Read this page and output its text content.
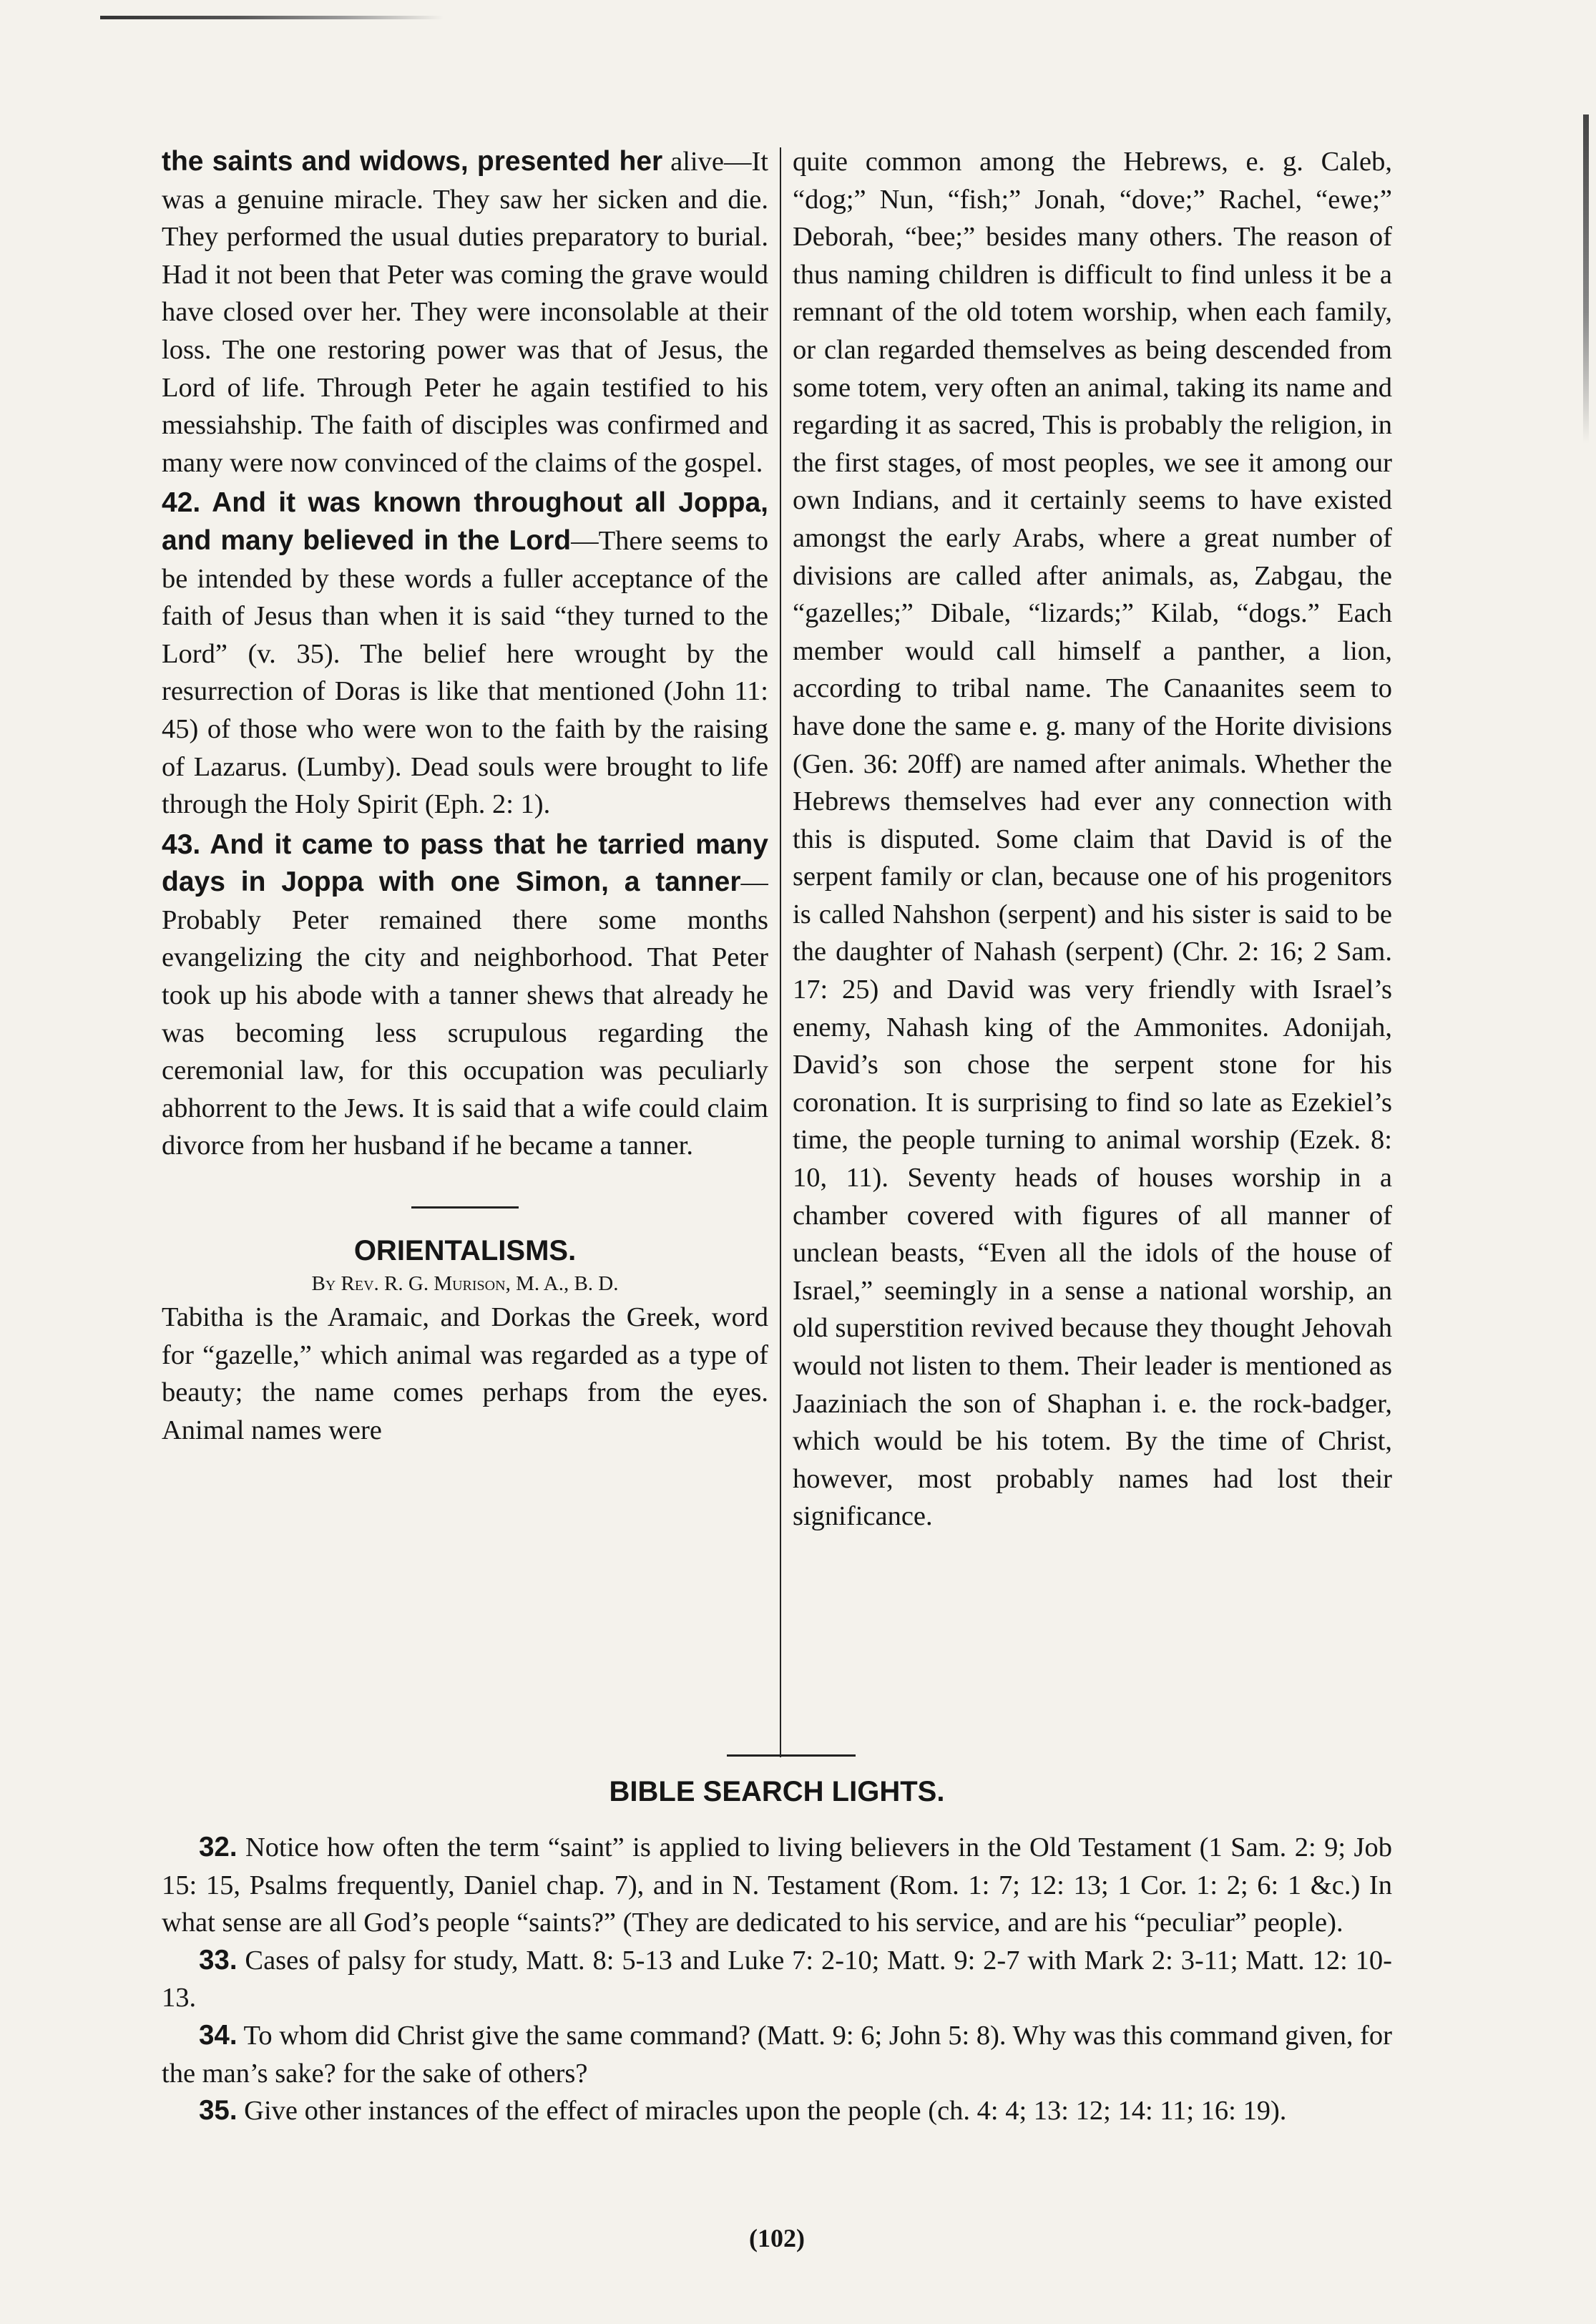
the saints and widows, presented her alive—It was a genuine miracle. They saw her sicken and die. They performed the usual duties preparatory to burial. Had it not been that Peter was coming the grave would have closed over her. They were inconsolable at their loss. The one restoring power was that of Jesus, the Lord of life. Through Peter he again testified to his messiahship. The faith of disciples was confirmed and many were now convinced of the claims of the gospel.

42. And it was known throughout all Joppa, and many believed in the Lord—There seems to be intended by these words a fuller acceptance of the faith of Jesus than when it is said “they turned to the Lord” (v. 35). The belief here wrought by the resurrection of Doras is like that mentioned (John 11: 45) of those who were won to the faith by the raising of Lazarus. (Lumby). Dead souls were brought to life through the Holy Spirit (Eph. 2: 1).

43. And it came to pass that he tarried many days in Joppa with one Simon, a tanner—Probably Peter remained there some months evangelizing the city and neighborhood. That Peter took up his abode with a tanner shews that already he was becoming less scrupulous regarding the ceremonial law, for this occupation was peculiarly abhorrent to the Jews. It is said that a wife could claim divorce from her husband if he became a tanner.

ORIENTALISMS.

By Rev. R. G. Murison, M. A., B. D.

Tabitha is the Aramaic, and Dorkas the Greek, word for “gazelle,” which animal was regarded as a type of beauty; the name comes perhaps from the eyes. Animal names were

quite common among the Hebrews, e. g. Caleb, “dog;” Nun, “fish;” Jonah, “dove;” Rachel, “ewe;” Deborah, “bee;” besides many others. The reason of thus naming children is difficult to find unless it be a remnant of the old totem worship, when each family, or clan regarded themselves as being descended from some totem, very often an animal, taking its name and regarding it as sacred, This is probably the religion, in the first stages, of most peoples, we see it among our own Indians, and it certainly seems to have existed amongst the early Arabs, where a great number of divisions are called after animals, as, Zabgau, the “gazelles;” Dibale, “lizards;” Kilab, “dogs.” Each member would call himself a panther, a lion, according to tribal name. The Canaanites seem to have done the same e. g. many of the Horite divisions (Gen. 36: 20ff) are named after animals. Whether the Hebrews themselves had ever any connection with this is disputed. Some claim that David is of the serpent family or clan, because one of his progenitors is called Nahshon (serpent) and his sister is said to be the daughter of Nahash (serpent) (Chr. 2: 16; 2 Sam. 17: 25) and David was very friendly with Israel’s enemy, Nahash king of the Ammonites. Adonijah, David’s son chose the serpent stone for his coronation. It is surprising to find so late as Ezekiel’s time, the people turning to animal worship (Ezek. 8: 10, 11). Seventy heads of houses worship in a chamber covered with figures of all manner of unclean beasts, “Even all the idols of the house of Israel,” seemingly in a sense a national worship, an old superstition revived because they thought Jehovah would not listen to them. Their leader is mentioned as Jaaziniach the son of Shaphan i. e. the rock-badger, which would be his totem. By the time of Christ, however, most probably names had lost their significance.

BIBLE SEARCH LIGHTS.

32. Notice how often the term “saint” is applied to living believers in the Old Testament (1 Sam. 2: 9; Job 15: 15, Psalms frequently, Daniel chap. 7), and in N. Testament (Rom. 1: 7; 12: 13; 1 Cor. 1: 2; 6: 1 &c.) In what sense are all God’s people “saints?” (They are dedicated to his service, and are his “peculiar” people).

33. Cases of palsy for study, Matt. 8: 5-13 and Luke 7: 2-10; Matt. 9: 2-7 with Mark 2: 3-11; Matt. 12: 10-13.

34. To whom did Christ give the same command? (Matt. 9: 6; John 5: 8). Why was this command given, for the man’s sake? for the sake of others?

35. Give other instances of the effect of miracles upon the people (ch. 4: 4; 13: 12; 14: 11; 16: 19).

(102)
